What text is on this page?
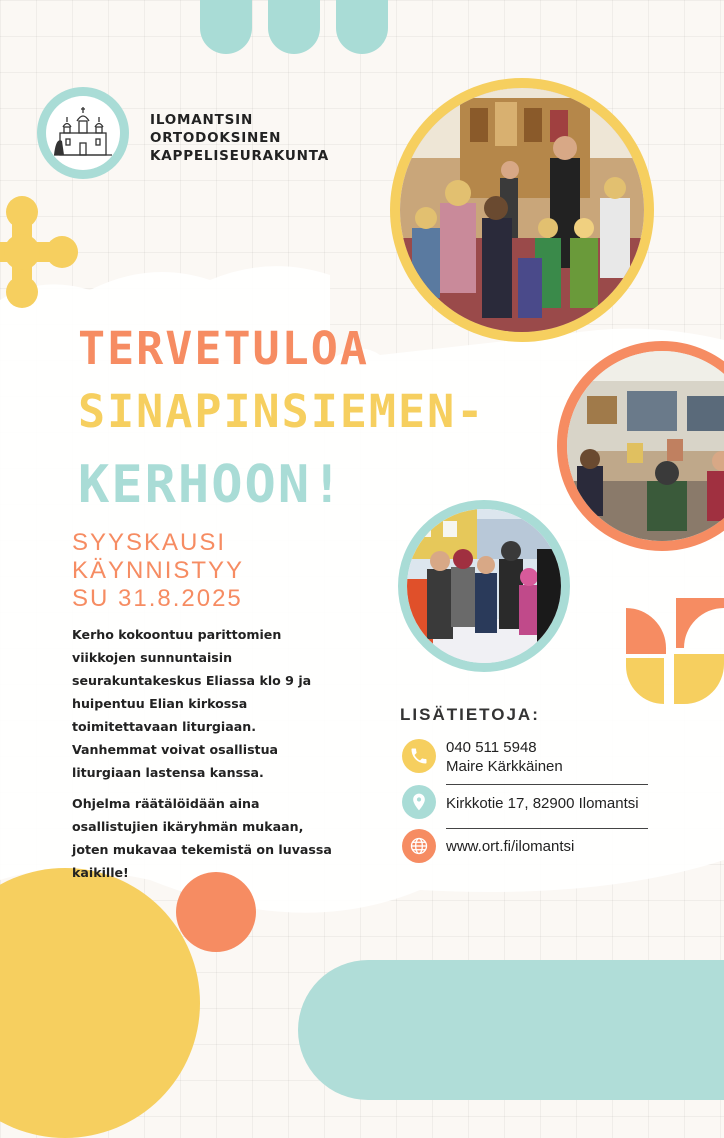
ILOMANTSIN
ORTODOKSINEN
KAPPELISEURAKUNTA
TERVETULOA
SINAPINSIEMEN-
KERHOON!
SYYSKAUSI
KÄYNNISTYY
SU 31.8.2025
Kerho kokoontuu parittomien
viikkojen sunnuntaisin
seurakuntakeskus Eliassa klo 9 ja
huipentuu Elian kirkossa
toimitettavaan liturgiaan.
Vanhemmat voivat osallistua
liturgiaan lastensa kanssa.
Ohjelma räätälöidään aina
osallistujien ikäryhmän mukaan,
joten mukavaa tekemistä on luvassa
kaikille!
LISÄTIETOJA:
040 511 5948
Maire Kärkkäinen
Kirkkotie 17, 82900 Ilomantsi
www.ort.fi/ilomantsi
